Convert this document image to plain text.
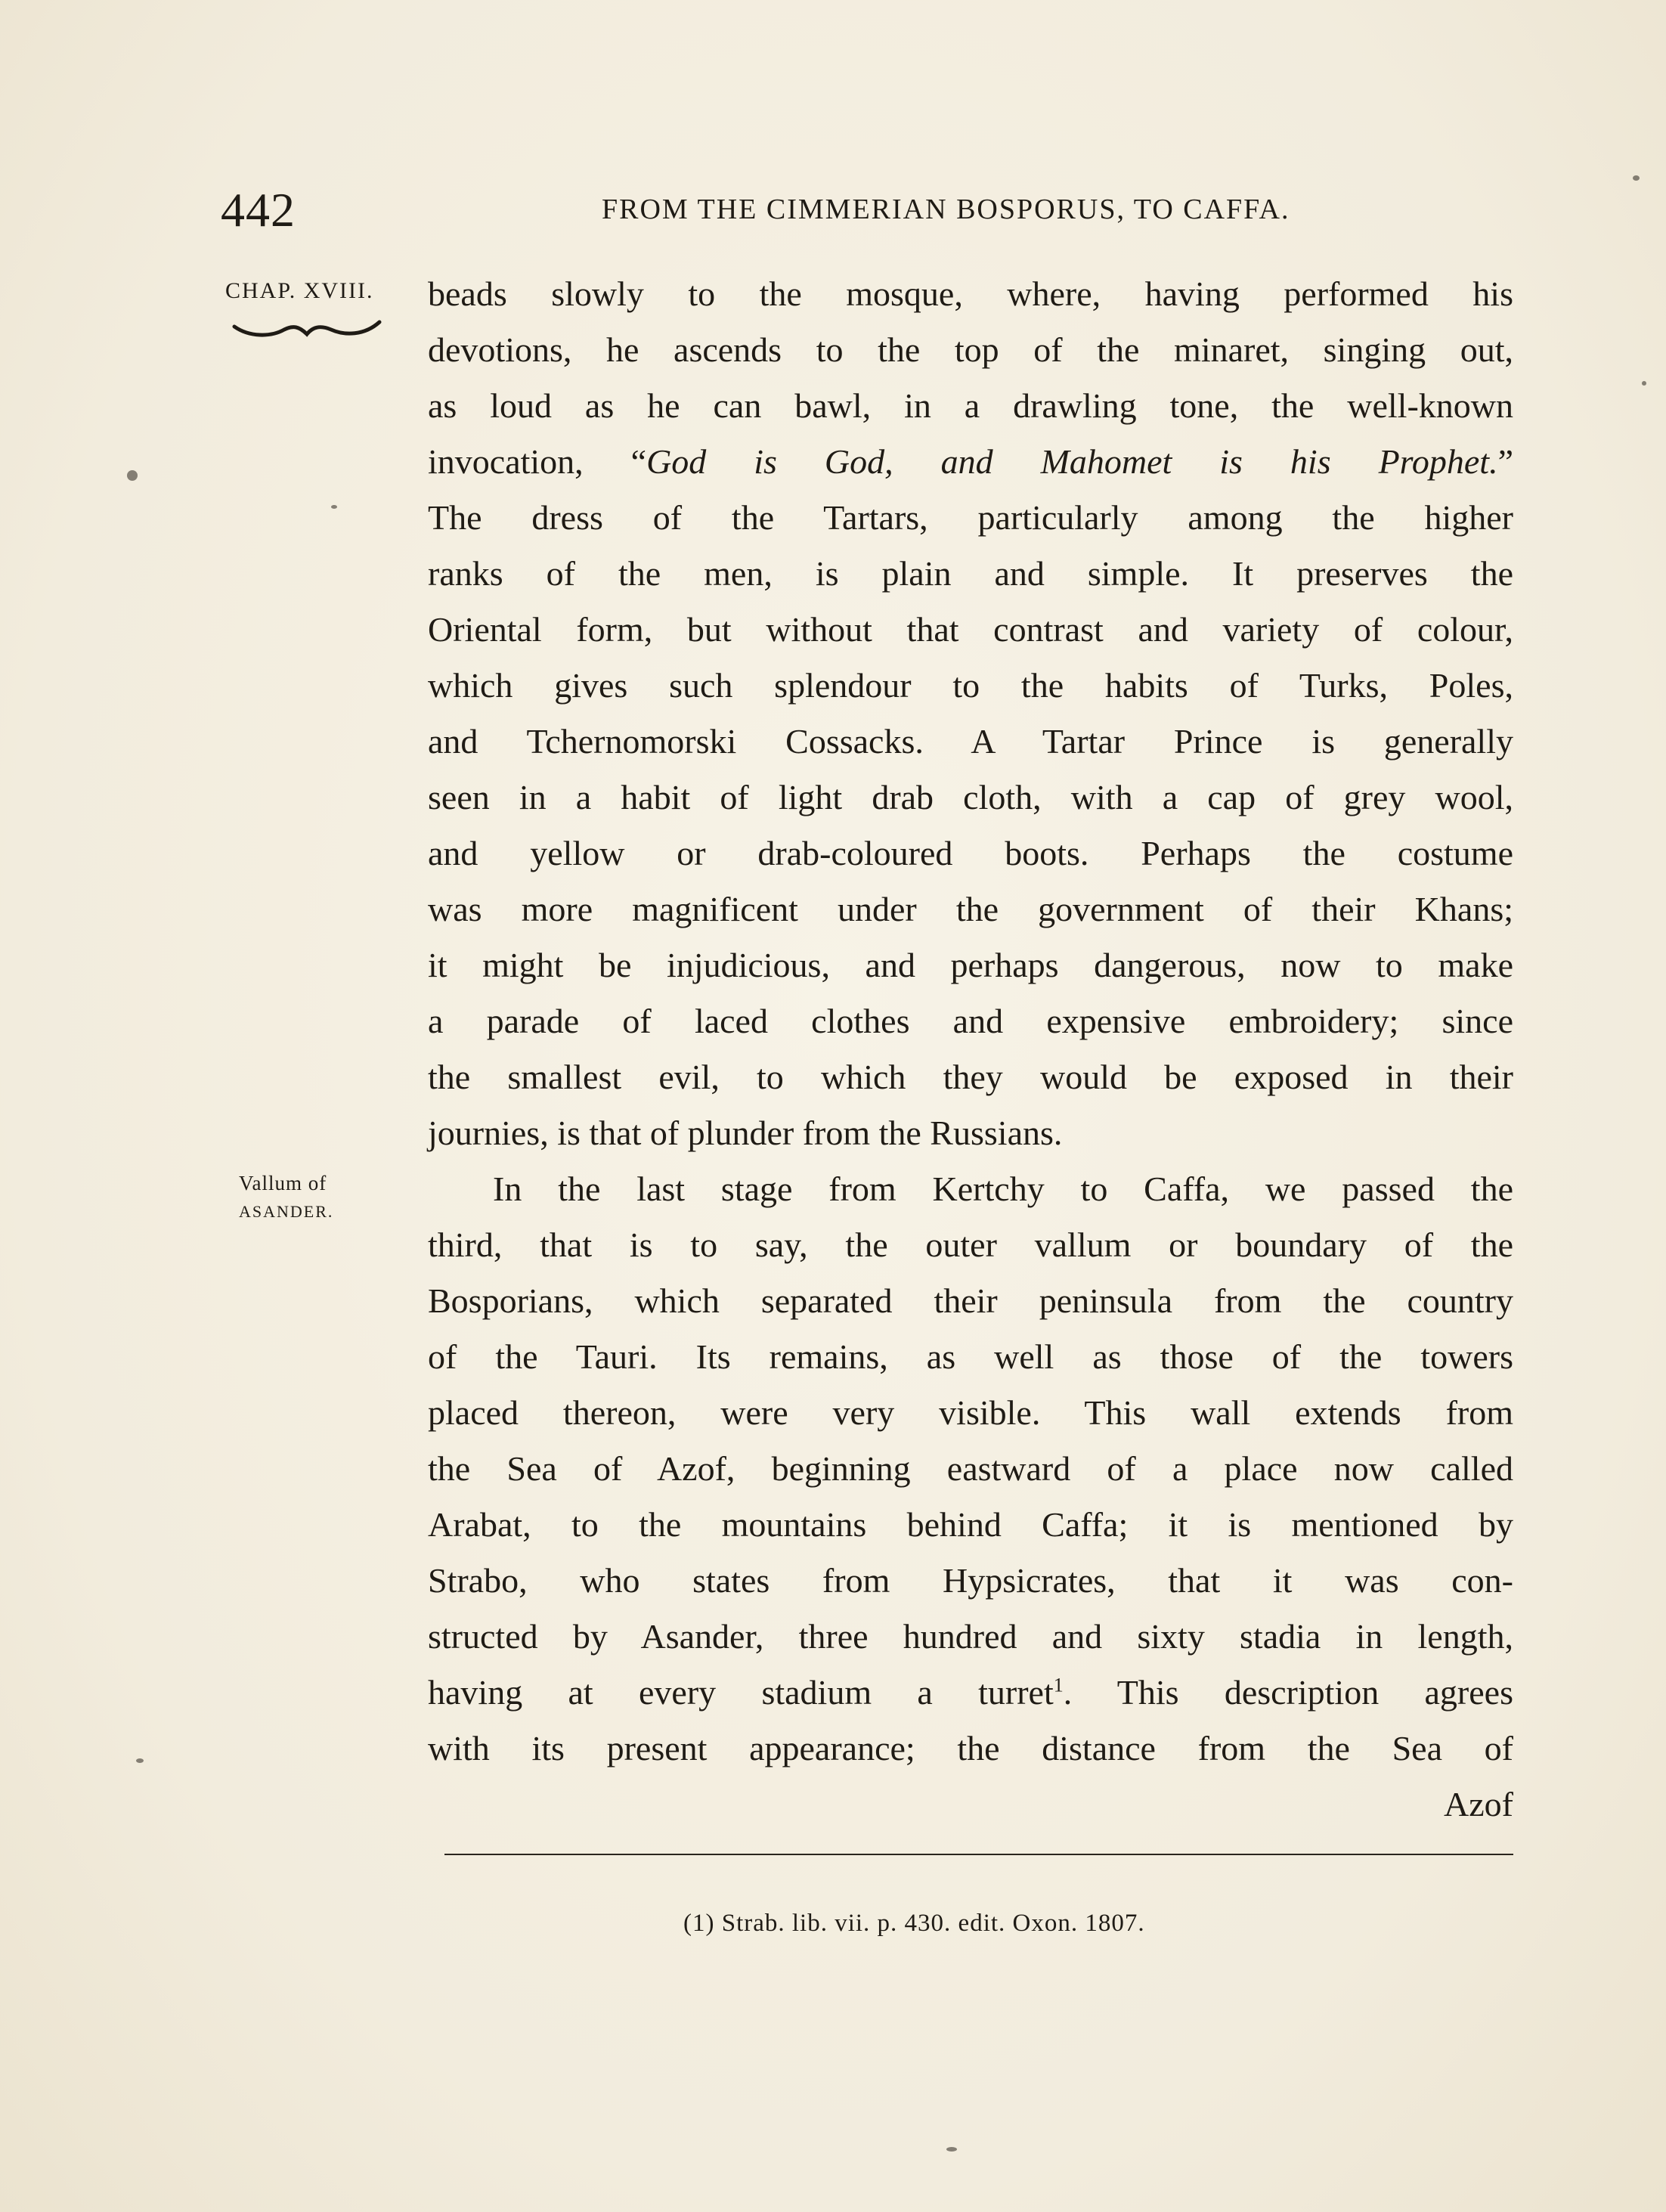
442	FROM THE CIMMERIAN BOSPORUS, TO CAFFA.
CHAP. XVIII.
Vallum of
ASANDER.
beads slowly to the mosque, where, having performed his
devotions, he ascends to the top of the minaret, singing out,
as loud as he can bawl, in a drawling tone, the well-known
invocation, “God is God, and Mahomet is his Prophet.”
The dress of the Tartars, particularly among the higher
ranks of the men, is plain and simple. It preserves the
Oriental form, but without that contrast and variety of colour,
which gives such splendour to the habits of Turks, Poles,
and Tchernomorski Cossacks. A Tartar Prince is generally
seen in a habit of light drab cloth, with a cap of grey wool,
and yellow or drab-coloured boots. Perhaps the costume
was more magnificent under the government of their Khans;
it might be injudicious, and perhaps dangerous, now to make
a parade of laced clothes and expensive embroidery; since
the smallest evil, to which they would be exposed in their
journies, is that of plunder from the Russians.
In the last stage from Kertchy to Caffa, we passed the
third, that is to say, the outer vallum or boundary of the
Bosporians, which separated their peninsula from the country
of the Tauri. Its remains, as well as those of the towers
placed thereon, were very visible. This wall extends from
the Sea of Azof, beginning eastward of a place now called
Arabat, to the mountains behind Caffa; it is mentioned by
Strabo, who states from Hypsicrates, that it was con-
structed by Asander, three hundred and sixty stadia in length,
having at every stadium a turret$^1$. This description agrees
with its present appearance; the distance from the Sea of
Azof
(1) Strab. lib. vii. p. 430. edit. Oxon. 1807.
